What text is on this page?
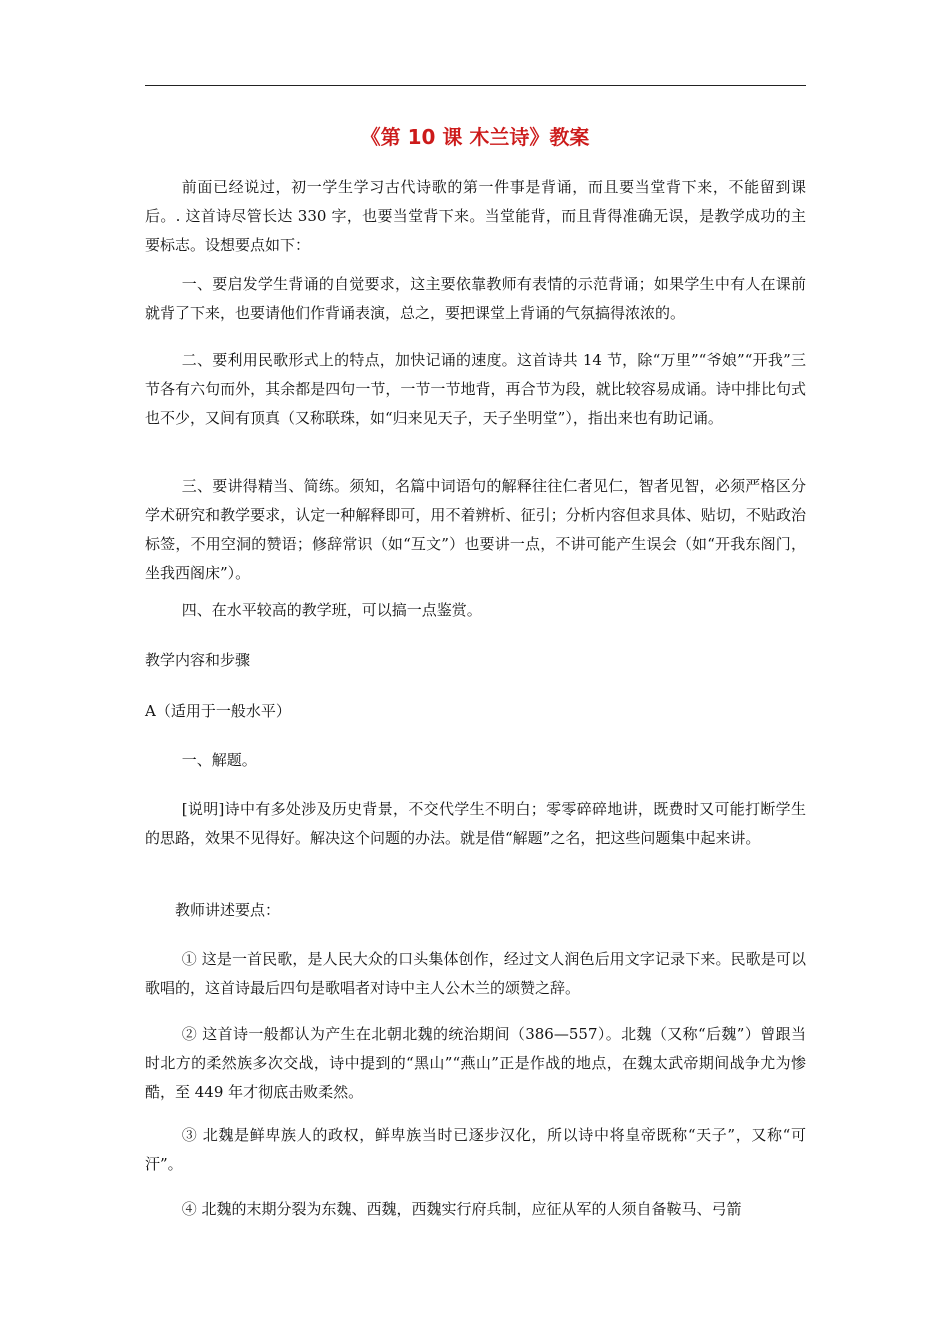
《第 10 课 木兰诗》教案

前面已经说过，初一学生学习古代诗歌的第一件事是背诵，而且要当堂背下来，不能留到课后。. 这首诗尽管长达 330 字，也要当堂背下来。当堂能背，而且背得准确无误，是教学成功的主要标志。设想要点如下：

一、要启发学生背诵的自觉要求，这主要依靠教师有表情的示范背诵；如果学生中有人在课前就背了下来，也要请他们作背诵表演，总之，要把课堂上背诵的气氛搞得浓浓的。

二、要利用民歌形式上的特点，加快记诵的速度。这首诗共 14 节，除“万里”“爷娘”“开我”三节各有六句而外，其余都是四句一节，一节一节地背，再合节为段，就比较容易成诵。诗中排比句式也不少，又间有顶真（又称联珠，如“归来见天子，天子坐明堂”），指出来也有助记诵。

三、要讲得精当、简练。须知，名篇中词语句的解释往往仁者见仁，智者见智，必须严格区分学术研究和教学要求，认定一种解释即可，用不着辨析、征引；分析内容但求具体、贴切，不贴政治标签，不用空洞的赞语；修辞常识（如“互文”）也要讲一点，不讲可能产生误会（如“开我东阁门，坐我西阁床”）。

四、在水平较高的教学班，可以搞一点鉴赏。

教学内容和步骤

A（适用于一般水平）

一、解题。

[说明]诗中有多处涉及历史背景，不交代学生不明白；零零碎碎地讲，既费时又可能打断学生的思路，效果不见得好。解决这个问题的办法。就是借“解题”之名，把这些问题集中起来讲。

教师讲述要点：

① 这是一首民歌，是人民大众的口头集体创作，经过文人润色后用文字记录下来。民歌是可以歌唱的，这首诗最后四句是歌唱者对诗中主人公木兰的颂赞之辞。

② 这首诗一般都认为产生在北朝北魏的统治期间（386—557）。北魏（又称“后魏”）曾跟当时北方的柔然族多次交战，诗中提到的“黑山”“燕山”正是作战的地点，在魏太武帝期间战争尤为惨酷，至 449 年才彻底击败柔然。

③ 北魏是鲜卑族人的政权，鲜卑族当时已逐步汉化，所以诗中将皇帝既称“天子”，又称“可汗”。

④ 北魏的末期分裂为东魏、西魏，西魏实行府兵制，应征从军的人须自备鞍马、弓箭
